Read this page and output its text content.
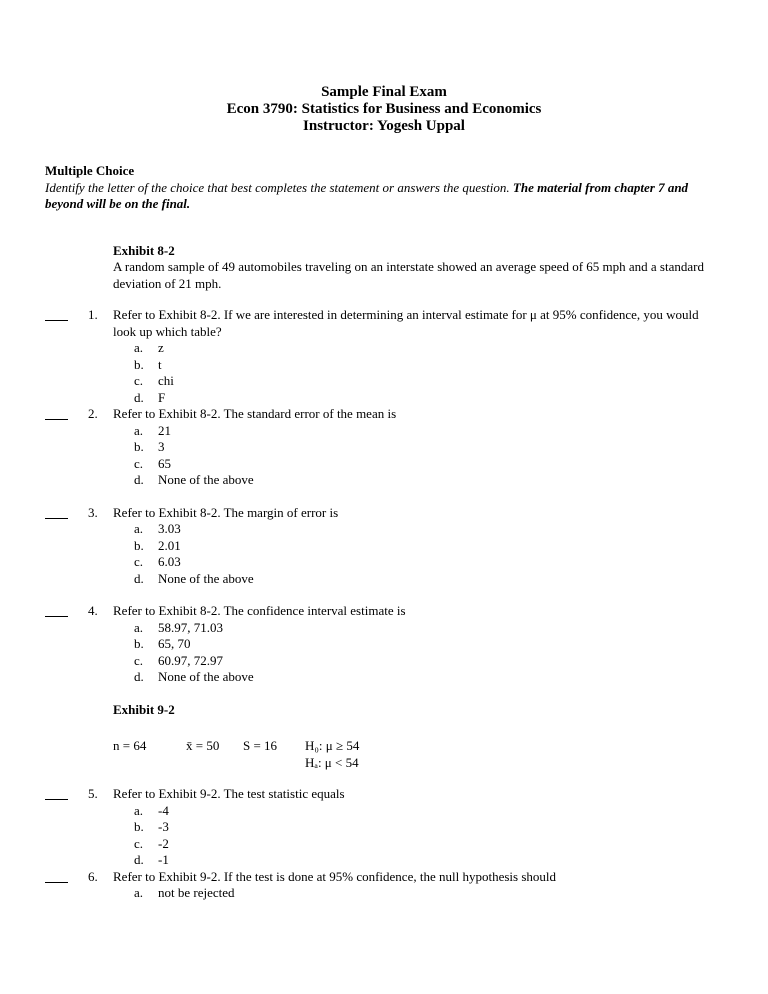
Sample Final Exam
Econ 3790: Statistics for Business and Economics
Instructor: Yogesh Uppal
Multiple Choice
Identify the letter of the choice that best completes the statement or answers the question. The material from chapter 7 and beyond will be on the final.
Exhibit 8-2
A random sample of 49 automobiles traveling on an interstate showed an average speed of 65 mph and a standard deviation of 21 mph.
1.	Refer to Exhibit 8-2. If we are interested in determining an interval estimate for μ at 95% confidence, you would look up which table?
a.	z
b.	t
c.	chi
d.	F
2.	Refer to Exhibit 8-2. The standard error of the mean is
a.	21
b.	3
c.	65
d.	None of the above
3.	Refer to Exhibit 8-2. The margin of error is
a.	3.03
b.	2.01
c.	6.03
d.	None of the above
4.	Refer to Exhibit 8-2. The confidence interval estimate is
a.	58.97, 71.03
b.	65, 70
c.	60.97, 72.97
d.	None of the above
Exhibit 9-2
n = 64	x̄ = 50	S = 16	H₀: μ ≥ 54
Hₐ: μ < 54
5.	Refer to Exhibit 9-2. The test statistic equals
a.	-4
b.	-3
c.	-2
d.	-1
6.	Refer to Exhibit 9-2. If the test is done at 95% confidence, the null hypothesis should
a.	not be rejected
